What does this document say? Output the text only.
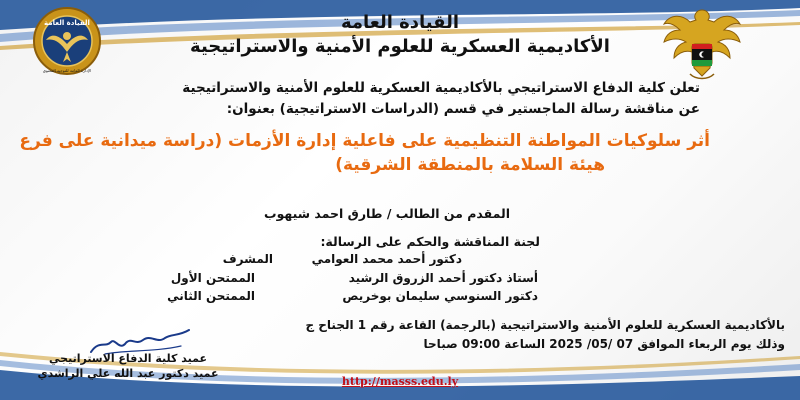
القيادة العامة
الإدارة العامة للتوجيه المعنوي
القيادة العامة
الأكاديمية العسكرية للعلوم الأمنية والاستراتيجية
تعلن كلية الدفاع الاستراتيجي بالأكاديمية العسكرية للعلوم الأمنية والاستراتيجية
عن مناقشة رسالة الماجستير في قسم (الدراسات الاستراتيجية) بعنوان:
أثر سلوكيات المواطنة التنظيمية على فاعلية إدارة الأزمات (دراسة ميدانية على فرع
هيئة السلامة بالمنطقة الشرقية)
المقدم من الطالب / طارق احمد شيهوب
لجنة المناقشة والحكم على الرسالة:
دكتور أحمد محمد العوامي
المشرف
أستاذ دكتور أحمد الزروق الرشيد
الممتحن الأول
دكتور السنوسي سليمان بوخريص
الممتحن الثاني
بالأكاديمية العسكرية للعلوم الأمنية والاستراتيجية (بالرجمة) القاعة رقم 1 الجناح ج
وذلك يوم الربعاء الموافق 07 /05/ 2025 الساعة 09:00 صباحا
عميد كلية الدفاع الاستراتيجي
عميد دكتور عبد الله علي الراشدي
http://masss.edu.ly
